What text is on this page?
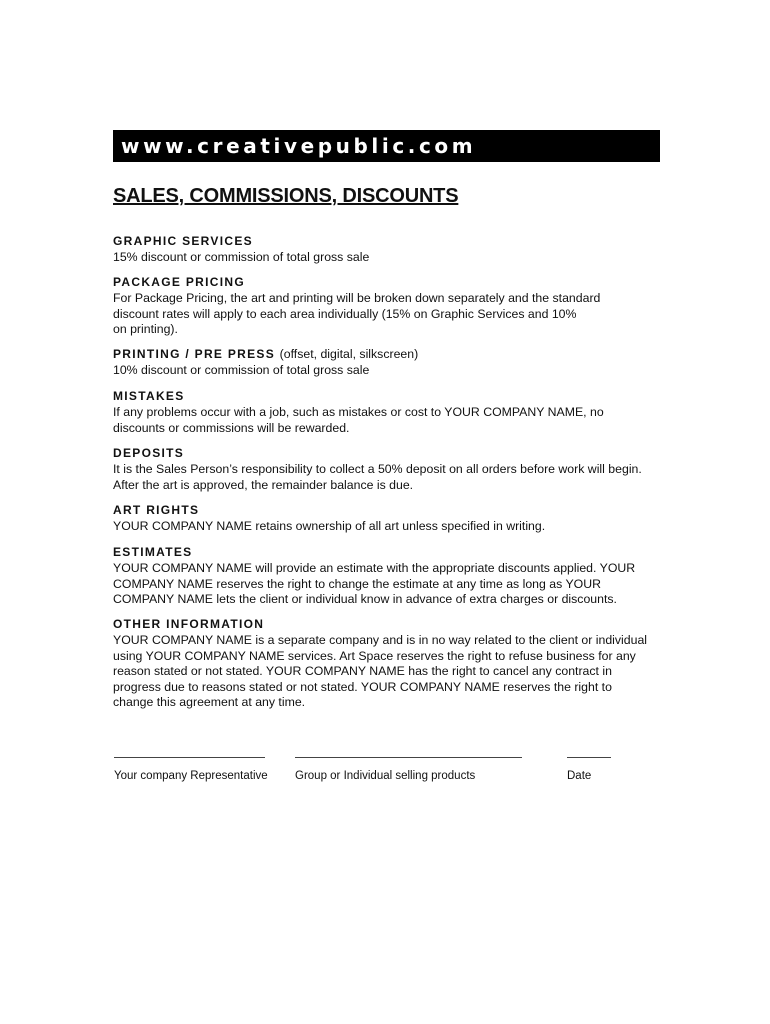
www.creativepublic.com
SALES, COMMISSIONS, DISCOUNTS
GRAPHIC SERVICES
15% discount or commission of total gross sale
PACKAGE PRICING
For Package Pricing, the art and printing will be broken down separately and the standard
discount rates will apply to each area individually (15% on Graphic Services and 10%
on printing).
PRINTING / PRE PRESS (offset, digital, silkscreen)
10% discount or commission of total gross sale
MISTAKES
If any problems occur with a job, such as mistakes or cost to YOUR COMPANY NAME, no
discounts or commissions will be rewarded.
DEPOSITS
It is the Sales Person’s responsibility to collect a 50% deposit on all orders before work will begin.
After the art is approved, the remainder balance is due.
ART RIGHTS
YOUR COMPANY NAME retains ownership of all art unless specified in writing.
ESTIMATES
YOUR COMPANY NAME will provide an estimate with the appropriate discounts applied. YOUR
COMPANY NAME reserves the right to change the estimate at any time as long as YOUR
COMPANY NAME lets the client or individual know in advance of extra charges or discounts.
OTHER INFORMATION
YOUR COMPANY NAME is a separate company and is in no way related to the client or individual
using YOUR COMPANY NAME services. Art Space reserves the right to refuse business for any
reason stated or not stated. YOUR COMPANY NAME has the right to cancel any contract in
progress due to reasons stated or not stated. YOUR COMPANY NAME reserves the right to
change this agreement at any time.
Your company Representative Group or Individual selling products	Date
